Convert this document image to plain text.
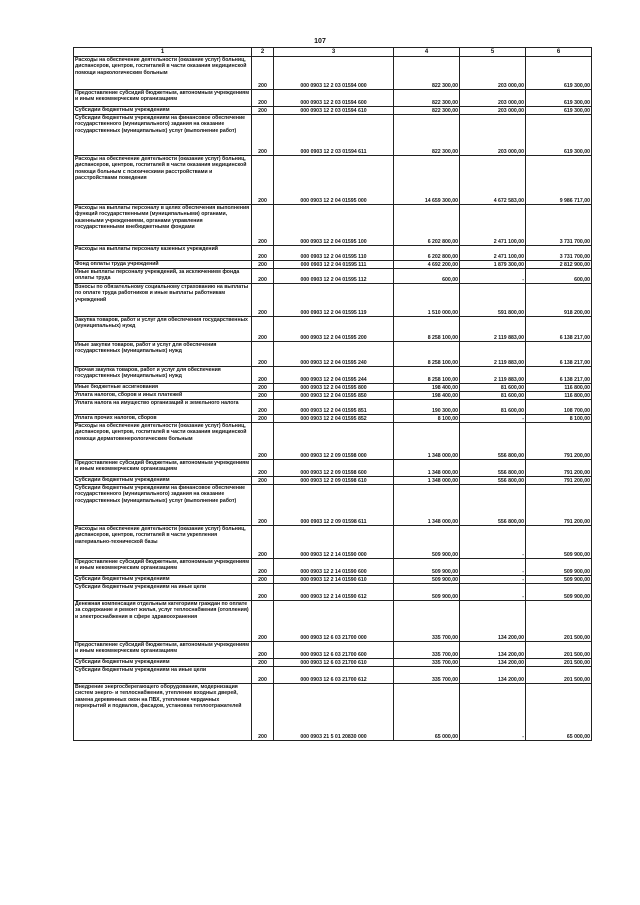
107
1	2	3	4	5	6
Расходы на обеспечение деятельности (оказание услуг) больниц, диспансеров, центров, госпиталей в части оказания медицинской помощи наркологическим больным	200	000 0903 12 2 03 01594 000	822 300,00	203 000,00	619 300,00
Предоставление субсидий бюджетным, автономным учреждениям и иным некоммерческим организациям	200	000 0903 12 2 03 01594 600	822 300,00	203 000,00	619 300,00
Субсидии бюджетным учреждениям	200	000 0903 12 2 03 01594 610	822 300,00	203 000,00	619 300,00
Субсидии бюджетным учреждениям на финансовое обеспечение государственного (муниципального) задания на оказание государственных (муниципальных) услуг (выполнение работ)	200	000 0903 12 2 03 01594 611	822 300,00	203 000,00	619 300,00
Расходы на обеспечение деятельности (оказание услуг) больниц, диспансеров, центров, госпиталей в части оказания медицинской помощи больным с психическими расстройствами и расстройствами поведения	200	000 0903 12 2 04 01595 000	14 659 300,00	4 672 583,00	9 986 717,00
Расходы на выплаты персоналу в целях обеспечения выполнения функций государственными (муниципальными) органами, казенными учреждениями, органами управления государственными внебюджетными фондами	200	000 0903 12 2 04 01595 100	6 202 800,00	2 471 100,00	3 731 700,00
Расходы на выплаты персоналу казенных учреждений	200	000 0903 12 2 04 01595 110	6 202 800,00	2 471 100,00	3 731 700,00
Фонд оплаты труда учреждений	200	000 0903 12 2 04 01595 111	4 692 200,00	1 879 300,00	2 812 900,00
Иные выплаты персоналу учреждений, за исключением фонда оплаты труда	200	000 0903 12 2 04 01595 112	600,00	-	600,00
Взносы по обязательному социальному страхованию на выплаты по оплате труда работников и иные выплаты работникам учреждений	200	000 0903 12 2 04 01595 119	1 510 000,00	591 800,00	918 200,00
Закупка товаров, работ и услуг для обеспечения государственных (муниципальных) нужд	200	000 0903 12 2 04 01595 200	8 258 100,00	2 119 883,00	6 138 217,00
Иные закупки товаров, работ и услуг для обеспечения государственных (муниципальных) нужд	200	000 0903 12 2 04 01595 240	8 258 100,00	2 119 883,00	6 138 217,00
Прочая закупка товаров, работ и услуг для обеспечения государственных (муниципальных) нужд	200	000 0903 12 2 04 01595 244	8 258 100,00	2 119 883,00	6 138 217,00
Иные бюджетные ассигнования	200	000 0903 12 2 04 01595 800	198 400,00	81 600,00	116 800,00
Уплата налогов, сборов и иных платежей	200	000 0903 12 2 04 01595 850	198 400,00	81 600,00	116 800,00
Уплата налога на имущество организаций и земельного налога	200	000 0903 12 2 04 01595 851	190 300,00	81 600,00	108 700,00
Уплата прочих налогов, сборов	200	000 0903 12 2 04 01595 852	8 100,00	-	8 100,00
Расходы на обеспечение деятельности (оказание услуг) больниц, диспансеров, центров, госпиталей в части оказания медицинской помощи дерматовенерологическим больным	200	000 0903 12 2 09 01598 000	1 348 000,00	556 800,00	791 200,00
Предоставление субсидий бюджетным, автономным учреждениям и иным некоммерческим организациям	200	000 0903 12 2 09 01598 600	1 348 000,00	556 800,00	791 200,00
Субсидии бюджетным учреждениям	200	000 0903 12 2 09 01598 610	1 348 000,00	556 800,00	791 200,00
Субсидии бюджетным учреждениям на финансовое обеспечение государственного (муниципального) задания на оказание государственных (муниципальных) услуг (выполнение работ)	200	000 0903 12 2 09 01598 611	1 348 000,00	556 800,00	791 200,00
Расходы на обеспечение деятельности (оказание услуг) больниц, диспансеров, центров, госпиталей в части укрепления материально-технической базы	200	000 0903 12 2 14 01590 000	509 900,00	-	509 900,00
Предоставление субсидий бюджетным, автономным учреждениям и иным некоммерческим организациям	200	000 0903 12 2 14 01590 600	509 900,00	-	509 900,00
Субсидии бюджетным учреждениям	200	000 0903 12 2 14 01590 610	509 900,00	-	509 900,00
Субсидии бюджетным учреждениям на иные цели	200	000 0903 12 2 14 01590 612	509 900,00	-	509 900,00
Денежная компенсация отдельным категориям граждан по оплате за содержание и ремонт жилья, услуг теплоснабжения (отопления) и электроснабжения в сфере здравоохранения	200	000 0903 12 6 03 21700 000	335 700,00	134 200,00	201 500,00
Предоставление субсидий бюджетным, автономным учреждениям и иным некоммерческим организациям	200	000 0903 12 6 03 21700 600	335 700,00	134 200,00	201 500,00
Субсидии бюджетным учреждениям	200	000 0903 12 6 03 21700 610	335 700,00	134 200,00	201 500,00
Субсидии бюджетным учреждениям на иные цели	200	000 0903 12 6 03 21700 612	335 700,00	134 200,00	201 500,00
Внедрение энергосберегающего оборудования, модернизация систем энерго- и теплоснабжения, утепление входных дверей, замена деревянных окон на ПВХ, утепление чердачных перекрытий и подвалов, фасадов, установка теплоотражателей	200	000 0903 21 5 01 20830 000	65 000,00	-	65 000,00
